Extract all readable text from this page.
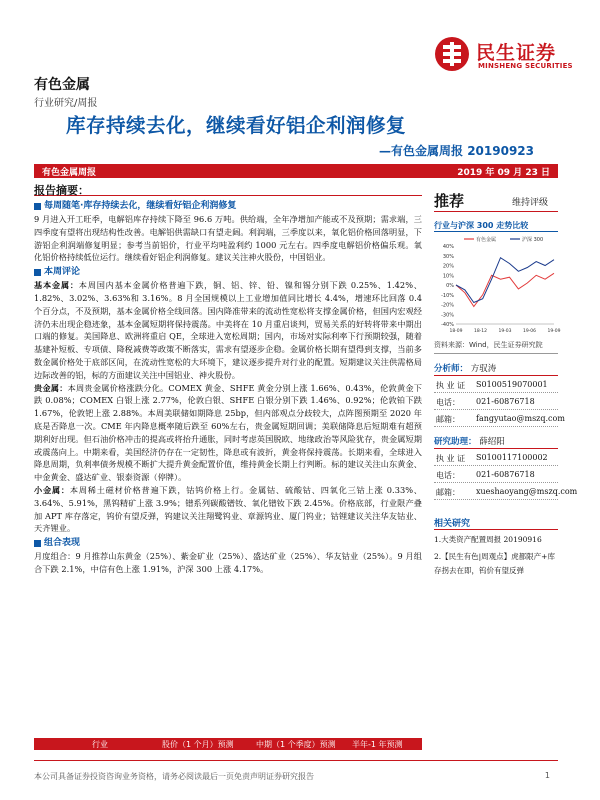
民生证券
MINSHENG SECURITIES
有色金属
行业研究/周报
库存持续去化，继续看好铝企利润修复
—有色金属周报 20190923
有色金属周报	2019 年 09 月 23 日
报告摘要：
每周随笔·库存持续去化，继续看好铝企利润修复

9 月进入开工旺季，电解铝库存持续下降至 96.6 万吨。供给端，全年净增加产能或不及预期；需求端，三四季度有望将出现结构性改善。电解铝供需缺口有望走阔。利润端，三季度以来，氧化铝价格回落明显，下游铝企利润端修复明显；参考当前铝价，行业平均吨盈利约 1000 元左右。四季度电解铝价格偏乐观。氧化铝价格持续低位运行。继续看好铝企利润修复。建议关注神火股份，中国铝业。

本周评论

基本金属：本周国内基本金属价格普遍下跌，铜、铝、锌、铅、镍和锡分别下跌 0.25%、1.42%、1.82%、3.02%、3.63%和 3.16%。8 月全国规模以上工业增加值同比增长 4.4%，增速环比回落 0.4 个百分点，不及预期，基本金属价格全线回落。国内降准带来的流动性宽松将支撑金属价格，但国内宏观经济仍未出现企稳迹象，基本金属短期将保持震荡。中美将在 10 月重启谈判，贸易关系的好转将带来中期出口端的修复。美国降息、欧洲将重启 QE，全球进入宽松周期；国内，市场对实际利率下行预期较强，随着基建补短板、专项债、降税减费等政策不断落实，需求有望逐步企稳。金属价格长期有望得到支撑，当前多数金属价格处于底部区间，在流动性宽松的大环境下，建议逐步提升对行业的配置。短期建议关注供需格局边际改善的铝，标的方面建议关注中国铝业、神火股份。

贵金属：本周贵金属价格涨跌分化。COMEX 黄金、SHFE 黄金分别上涨 1.66%、0.43%，伦敦黄金下跌 0.08%；COMEX 白银上涨 2.77%，伦敦白银、SHFE 白银分别下跌 1.46%、0.92%；伦敦铂下跌 1.67%，伦敦钯上涨 2.88%。本周美联储如期降息 25bp，但内部观点分歧较大，点阵图预期至 2020 年底是否降息一次。CME 年内降息概率随后跌至 60%左右，贵金属短期回调；美联储降息后短期难有超预期利好出现。但石油价格冲击的提高或将抬升通胀，同时考虑英国脱欧、地缘政治等风险犹存，贵金属短期或震荡向上。中期来看，美国经济仍存在一定韧性，降息或有波折，黄金将保持震荡。长期来看，全球进入降息周期，负利率债务规模不断扩大提升黄金配置价值，维持黄金长期上行判断。标的建议关注山东黄金、中金黄金、盛达矿业、银泰资源（停牌）。

小金属：本周稀土磁材价格普遍下跌，钴钨价格上行。金属钴、硫酸钴、四氧化三钴上涨 0.33%、3.64%、5.91%，黑钨精矿上涨 3.9%；镨系列碳酸镨钕、氧化镨钕下跌 2.45%。价格底部，行业限产叠加 APT 库存落定，钨价有望反弹，钨建议关注翔鹭钨业、章源钨业、厦门钨业；钴锂建议关注华友钴业、天齐锂业。

组合表现

月度组合：9 月推荐山东黄金（25%）、紫金矿业（25%）、盛达矿业（25%）、华友钴业（25%）。9 月组合下跌 2.1%，中信有色上涨 1.91%，沪深 300 上涨 4.17%。

行业	股价（1 个月）预测	中期（1 个季度）预测 半年-1 年预测
推荐	维持评级
行业与沪深 300 走势比较
40%
30%
20%
10%
0%
-10%
-20%
-30%
-40%
18-09	18-12	19-03	19-06	19-09
有色金属	沪深 300
资料来源：Wind，民生证券研究院
分析师： 方驭涛
执 业 证 S0100519070001
电话： 021-60876718
邮箱： fangyutao@mszq.com
研究助理： 薛绍阳
执 业 证 S0100117100002
电话： 021-60876718
邮箱： xueshaoyang@mszq.com
相关研究
1.大类资产配置周报 20190916
2.【民生有色|周观点】虎都限产+库存拐去在即，钨价有望反弹
本公司具备证券投资咨询业务资格，请务必阅读最后一页免责声明证券研究报告	1
